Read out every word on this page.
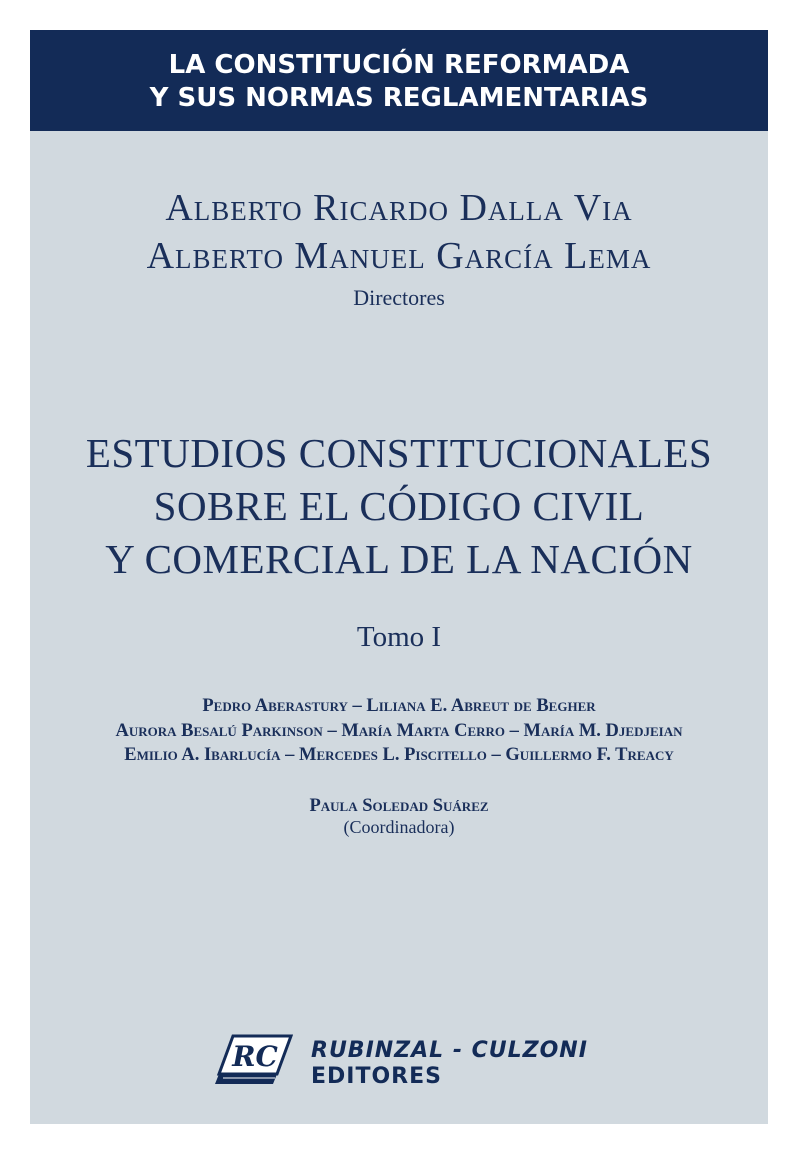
LA CONSTITUCIÓN REFORMADA
Y SUS NORMAS REGLAMENTARIAS
Alberto Ricardo Dalla Via
Alberto Manuel García Lema
Directores
ESTUDIOS CONSTITUCIONALES
SOBRE EL CÓDIGO CIVIL
Y COMERCIAL DE LA NACIÓN
Tomo I
Pedro Aberastury – Liliana E. Abreut de Begher
Aurora Besalú Parkinson – María Marta Cerro – María M. Djedjeian
Emilio A. Ibarlucía – Mercedes L. Piscitello – Guillermo F. Treacy
Paula Soledad Suárez
(Coordinadora)
RC RUBINZAL - CULZONI
EDITORES
